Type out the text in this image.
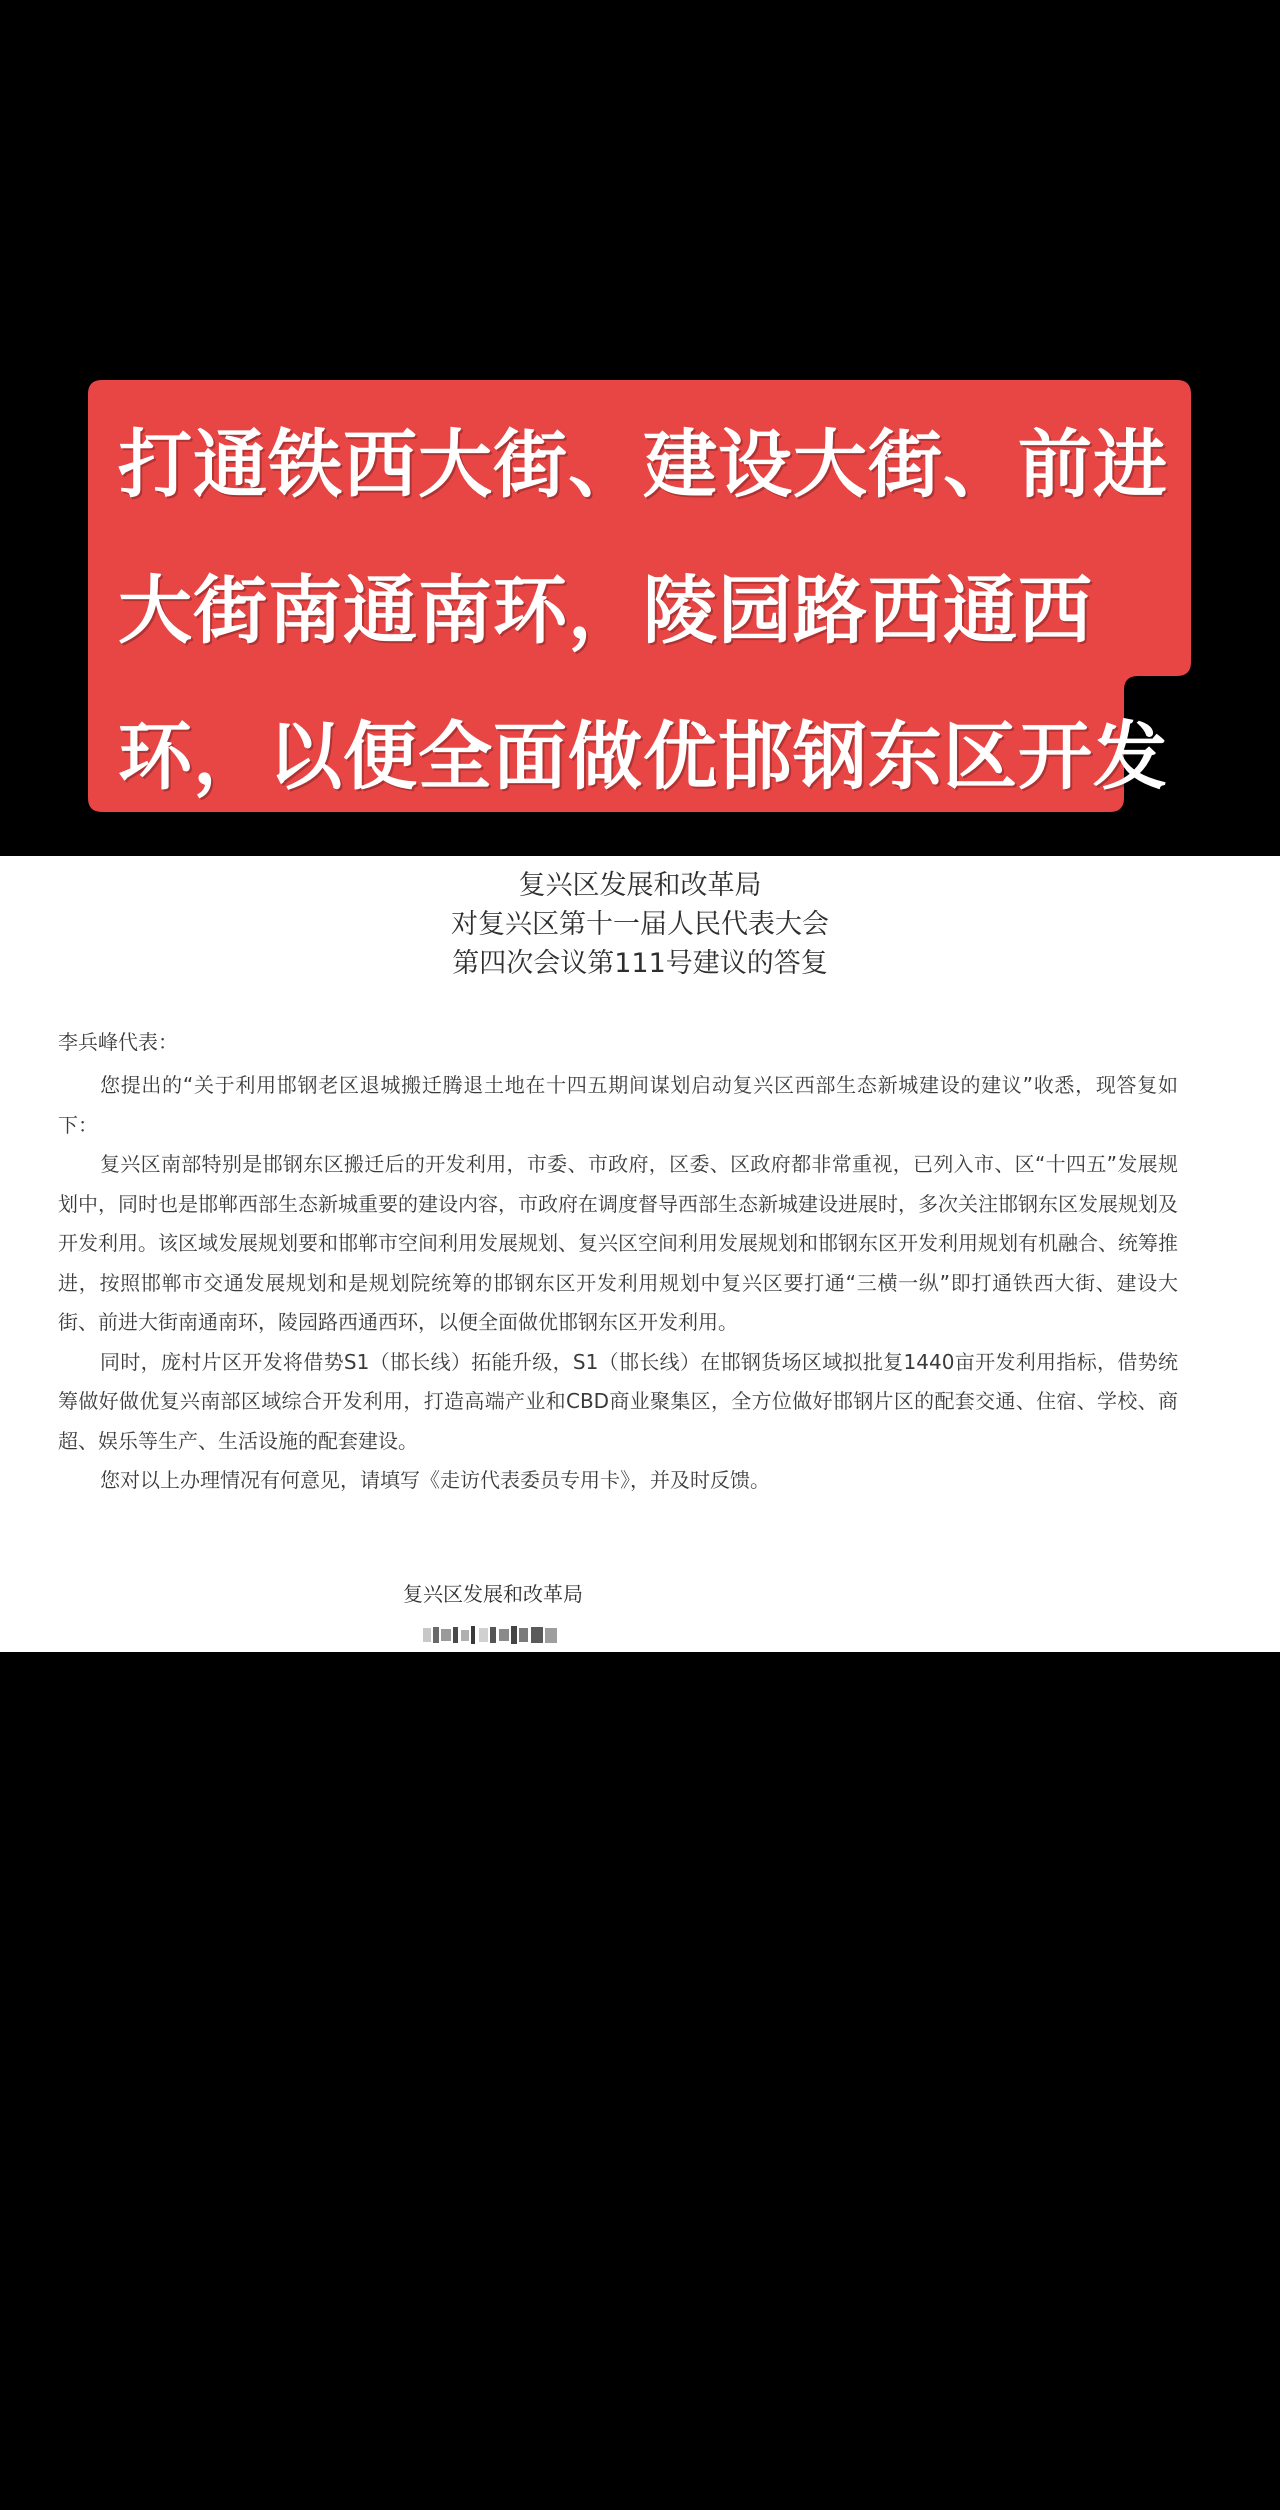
打通铁西大街、建设大街、前进大街南通南环，陵园路西通西环，以便全面做优邯钢东区开发
复兴区发展和改革局
对复兴区第十一届人民代表大会
第四次会议第111号建议的答复
李兵峰代表：

您提出的“关于利用邯钢老区退城搬迁腾退土地在十四五期间谋划启动复兴区西部生态新城建设的建议”收悉，现答复如下：

复兴区南部特别是邯钢东区搬迁后的开发利用，市委、市政府，区委、区政府都非常重视，已列入市、区“十四五”发展规划中，同时也是邯郸西部生态新城重要的建设内容，市政府在调度督导西部生态新城建设进展时，多次关注邯钢东区发展规划及开发利用。该区域发展规划要和邯郸市空间利用发展规划、复兴区空间利用发展规划和邯钢东区开发利用规划有机融合、统筹推进，按照邯郸市交通发展规划和是规划院统筹的邯钢东区开发利用规划中复兴区要打通“三横一纵”即打通铁西大街、建设大街、前进大街南通南环，陵园路西通西环，以便全面做优邯钢东区开发利用。

同时，庞村片区开发将借势S1（邯长线）拓能升级，S1（邯长线）在邯钢货场区域拟批复1440亩开发利用指标，借势统筹做好做优复兴南部区域综合开发利用，打造高端产业和CBD商业聚集区，全方位做好邯钢片区的配套交通、住宿、学校、商超、娱乐等生产、生活设施的配套建设。

您对以上办理情况有何意见，请填写《走访代表委员专用卡》，并及时反馈。

复兴区发展和改革局
